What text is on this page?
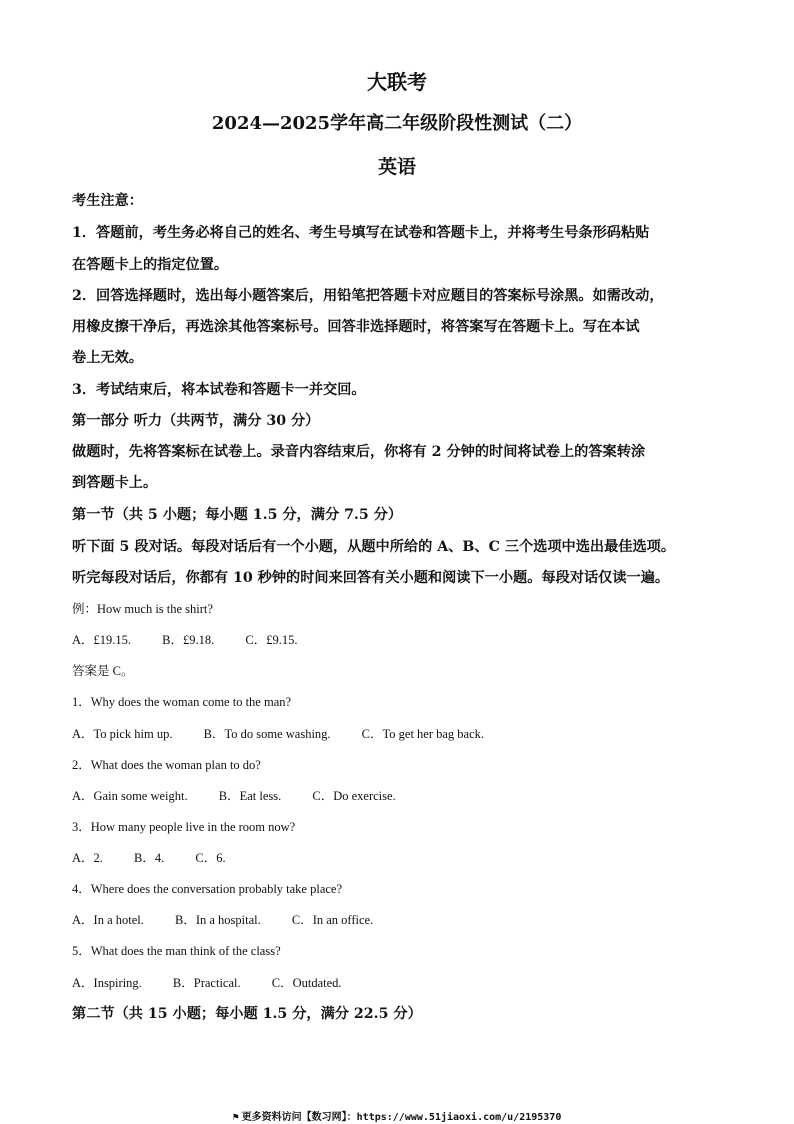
大联考
2024—2025学年高二年级阶段性测试（二）
英语
考生注意：
1．答题前，考生务必将自己的姓名、考生号填写在试卷和答题卡上，并将考生号条形码粘贴
在答题卡上的指定位置。
2．回答选择题时，选出每小题答案后，用铅笔把答题卡对应题目的答案标号涂黑。如需改动，
用橡皮擦干净后，再选涂其他答案标号。回答非选择题时，将答案写在答题卡上。写在本试
卷上无效。
3．考试结束后，将本试卷和答题卡一并交回。
第一部分 听力（共两节，满分 30 分）
做题时，先将答案标在试卷上。录音内容结束后，你将有 2 分钟的时间将试卷上的答案转涂
到答题卡上。
第一节（共 5 小题；每小题 1.5 分，满分 7.5 分）
听下面 5 段对话。每段对话后有一个小题，从题中所给的 A、B、C 三个选项中选出最佳选项。
听完每段对话后，你都有 10 秒钟的时间来回答有关小题和阅读下一小题。每段对话仅读一遍。
例：How much is the shirt?
A．£19.15. B．£9.18. C．£9.15.
答案是 C。
1．Why does the woman come to the man?
A．To pick him up. B．To do some washing. C．To get her bag back.
2．What does the woman plan to do?
A．Gain some weight. B．Eat less. C．Do exercise.
3．How many people live in the room now?
A．2. B．4. C．6.
4．Where does the conversation probably take place?
A．In a hotel. B．In a hospital. C．In an office.
5．What does the man think of the class?
A．Inspiring. B．Practical. C．Outdated.
第二节（共 15 小题；每小题 1.5 分，满分 22.5 分）
⚑ 更多资料访问【数习网】：https://www.51jiaoxi.com/u/2195370
